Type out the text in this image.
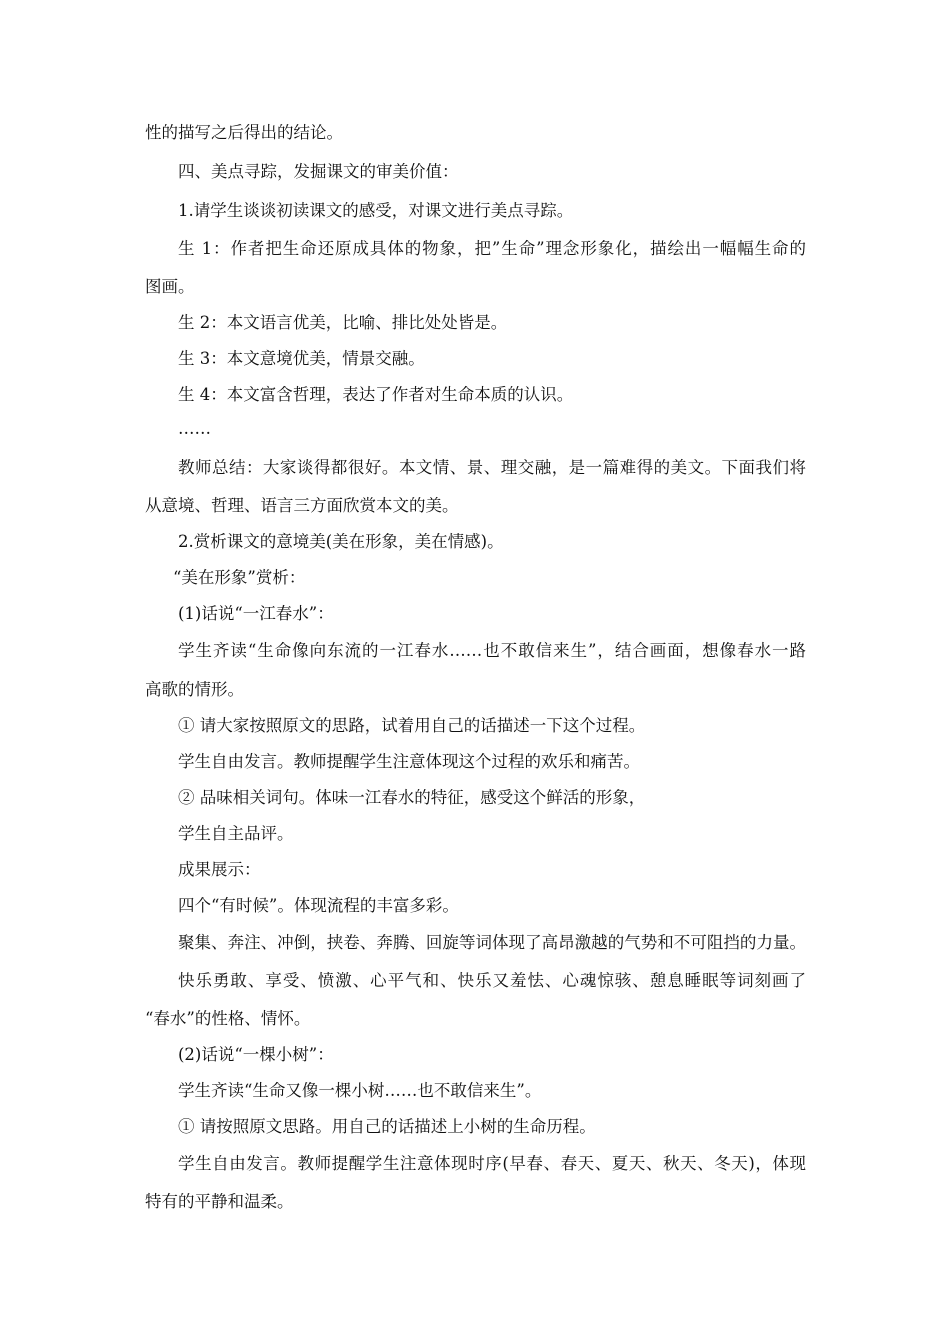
性的描写之后得出的结论。
四、美点寻踪，发掘课文的审美价值：
1.请学生谈谈初读课文的感受，对课文进行美点寻踪。
生 1：作者把生命还原成具体的物象，把”生命”理念形象化，描绘出一幅幅生命的
图画。
生 2：本文语言优美，比喻、排比处处皆是。
生 3：本文意境优美，情景交融。
生 4：本文富含哲理，表达了作者对生命本质的认识。
……
教师总结：大家谈得都很好。本文情、景、理交融，是一篇难得的美文。下面我们将
从意境、哲理、语言三方面欣赏本文的美。
2.赏析课文的意境美(美在形象，美在情感)。
“美在形象”赏析：
(1)话说“一江春水”：
学生齐读“生命像向东流的一江春水……也不敢信来生”，结合画面，想像春水一路
高歌的情形。
① 请大家按照原文的思路，试着用自己的话描述一下这个过程。
学生自由发言。教师提醒学生注意体现这个过程的欢乐和痛苦。
② 品味相关词句。体味一江春水的特征，感受这个鲜活的形象，
学生自主品评。
成果展示：
四个“有时候”。体现流程的丰富多彩。
聚集、奔注、冲倒，挟卷、奔腾、回旋等词体现了高昂激越的气势和不可阻挡的力量。
快乐勇敢、享受、愤激、心平气和、快乐又羞怯、心魂惊骇、憩息睡眠等词刻画了
“春水”的性格、情怀。
(2)话说“一棵小树”：
学生齐读“生命又像一棵小树……也不敢信来生”。
① 请按照原文思路。用自己的话描述上小树的生命历程。
学生自由发言。教师提醒学生注意体现时序(早春、春天、夏天、秋天、冬天)，体现
特有的平静和温柔。
